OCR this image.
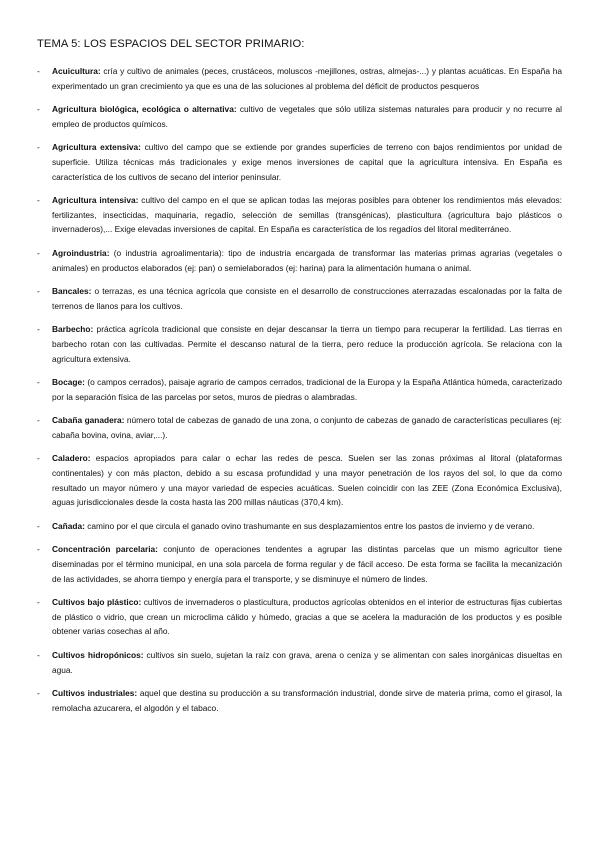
TEMA 5: LOS ESPACIOS DEL SECTOR PRIMARIO:
- Acuicultura: cría y cultivo de animales (peces, crustáceos, moluscos -mejillones, ostras, almejas-...) y plantas acuáticas. En España ha experimentado un gran crecimiento ya que es una de las soluciones al problema del déficit de productos pesqueros
- Agricultura biológica, ecológica o alternativa: cultivo de vegetales que sólo utiliza sistemas naturales para producir y no recurre al empleo de productos químicos.
- Agricultura extensiva: cultivo del campo que se extiende por grandes superficies de terreno con bajos rendimientos por unidad de superficie. Utiliza técnicas más tradicionales y exige menos inversiones de capital que la agricultura intensiva. En España es característica de los cultivos de secano del interior peninsular.
- Agricultura intensiva: cultivo del campo en el que se aplican todas las mejoras posibles para obtener los rendimientos más elevados: fertilizantes, insecticidas, maquinaria, regadío, selección de semillas (transgénicas), plasticultura (agricultura bajo plásticos o invernaderos),... Exige elevadas inversiones de capital. En España es característica de los regadíos del litoral mediterráneo.
- Agroindustria: (o industria agroalimentaria): tipo de industria encargada de transformar las materias primas agrarias (vegetales o animales) en productos elaborados (ej: pan) o semielaborados (ej: harina) para la alimentación humana o animal.
- Bancales: o terrazas, es una técnica agrícola que consiste en el desarrollo de construcciones aterrazadas escalonadas por la falta de terrenos de llanos para los cultivos.
- Barbecho: práctica agrícola tradicional que consiste en dejar descansar la tierra un tiempo para recuperar la fertilidad. Las tierras en barbecho rotan con las cultivadas. Permite el descanso natural de la tierra, pero reduce la producción agrícola. Se relaciona con la agricultura extensiva.
- Bocage: (o campos cerrados), paisaje agrario de campos cerrados, tradicional de la Europa y la España Atlántica húmeda, caracterizado por la separación física de las parcelas por setos, muros de piedras o alambradas.
- Cabaña ganadera: número total de cabezas de ganado de una zona, o conjunto de cabezas de ganado de características peculiares (ej: cabaña bovina, ovina, aviar,...).
- Caladero: espacios apropiados para calar o echar las redes de pesca. Suelen ser las zonas próximas al litoral (plataformas continentales) y con más placton, debido a su escasa profundidad y una mayor penetración de los rayos del sol, lo que da como resultado un mayor número y una mayor variedad de especies acuáticas. Suelen coincidir con las ZEE (Zona Económica Exclusiva), aguas jurisdiccionales desde la costa hasta las 200 millas náuticas (370,4 km).
- Cañada: camino por el que circula el ganado ovino trashumante en sus desplazamientos entre los pastos de invierno y de verano.
- Concentración parcelaria: conjunto de operaciones tendentes a agrupar las distintas parcelas que un mismo agricultor tiene diseminadas por el término municipal, en una sola parcela de forma regular y de fácil acceso. De esta forma se facilita la mecanización de las actividades, se ahorra tiempo y energía para el transporte, y se disminuye el número de lindes.
- Cultivos bajo plástico: cultivos de invernaderos o plasticultura, productos agrícolas obtenidos en el interior de estructuras fijas cubiertas de plástico o vidrio, que crean un microclima cálido y húmedo, gracias a que se acelera la maduración de los productos y es posible obtener varias cosechas al año.
- Cultivos hidropónicos: cultivos sin suelo, sujetan la raíz con grava, arena o ceniza y se alimentan con sales inorgánicas disueltas en agua.
- Cultivos industriales: aquel que destina su producción a su transformación industrial, donde sirve de materia prima, como el girasol, la remolacha azucarera, el algodón y el tabaco.
